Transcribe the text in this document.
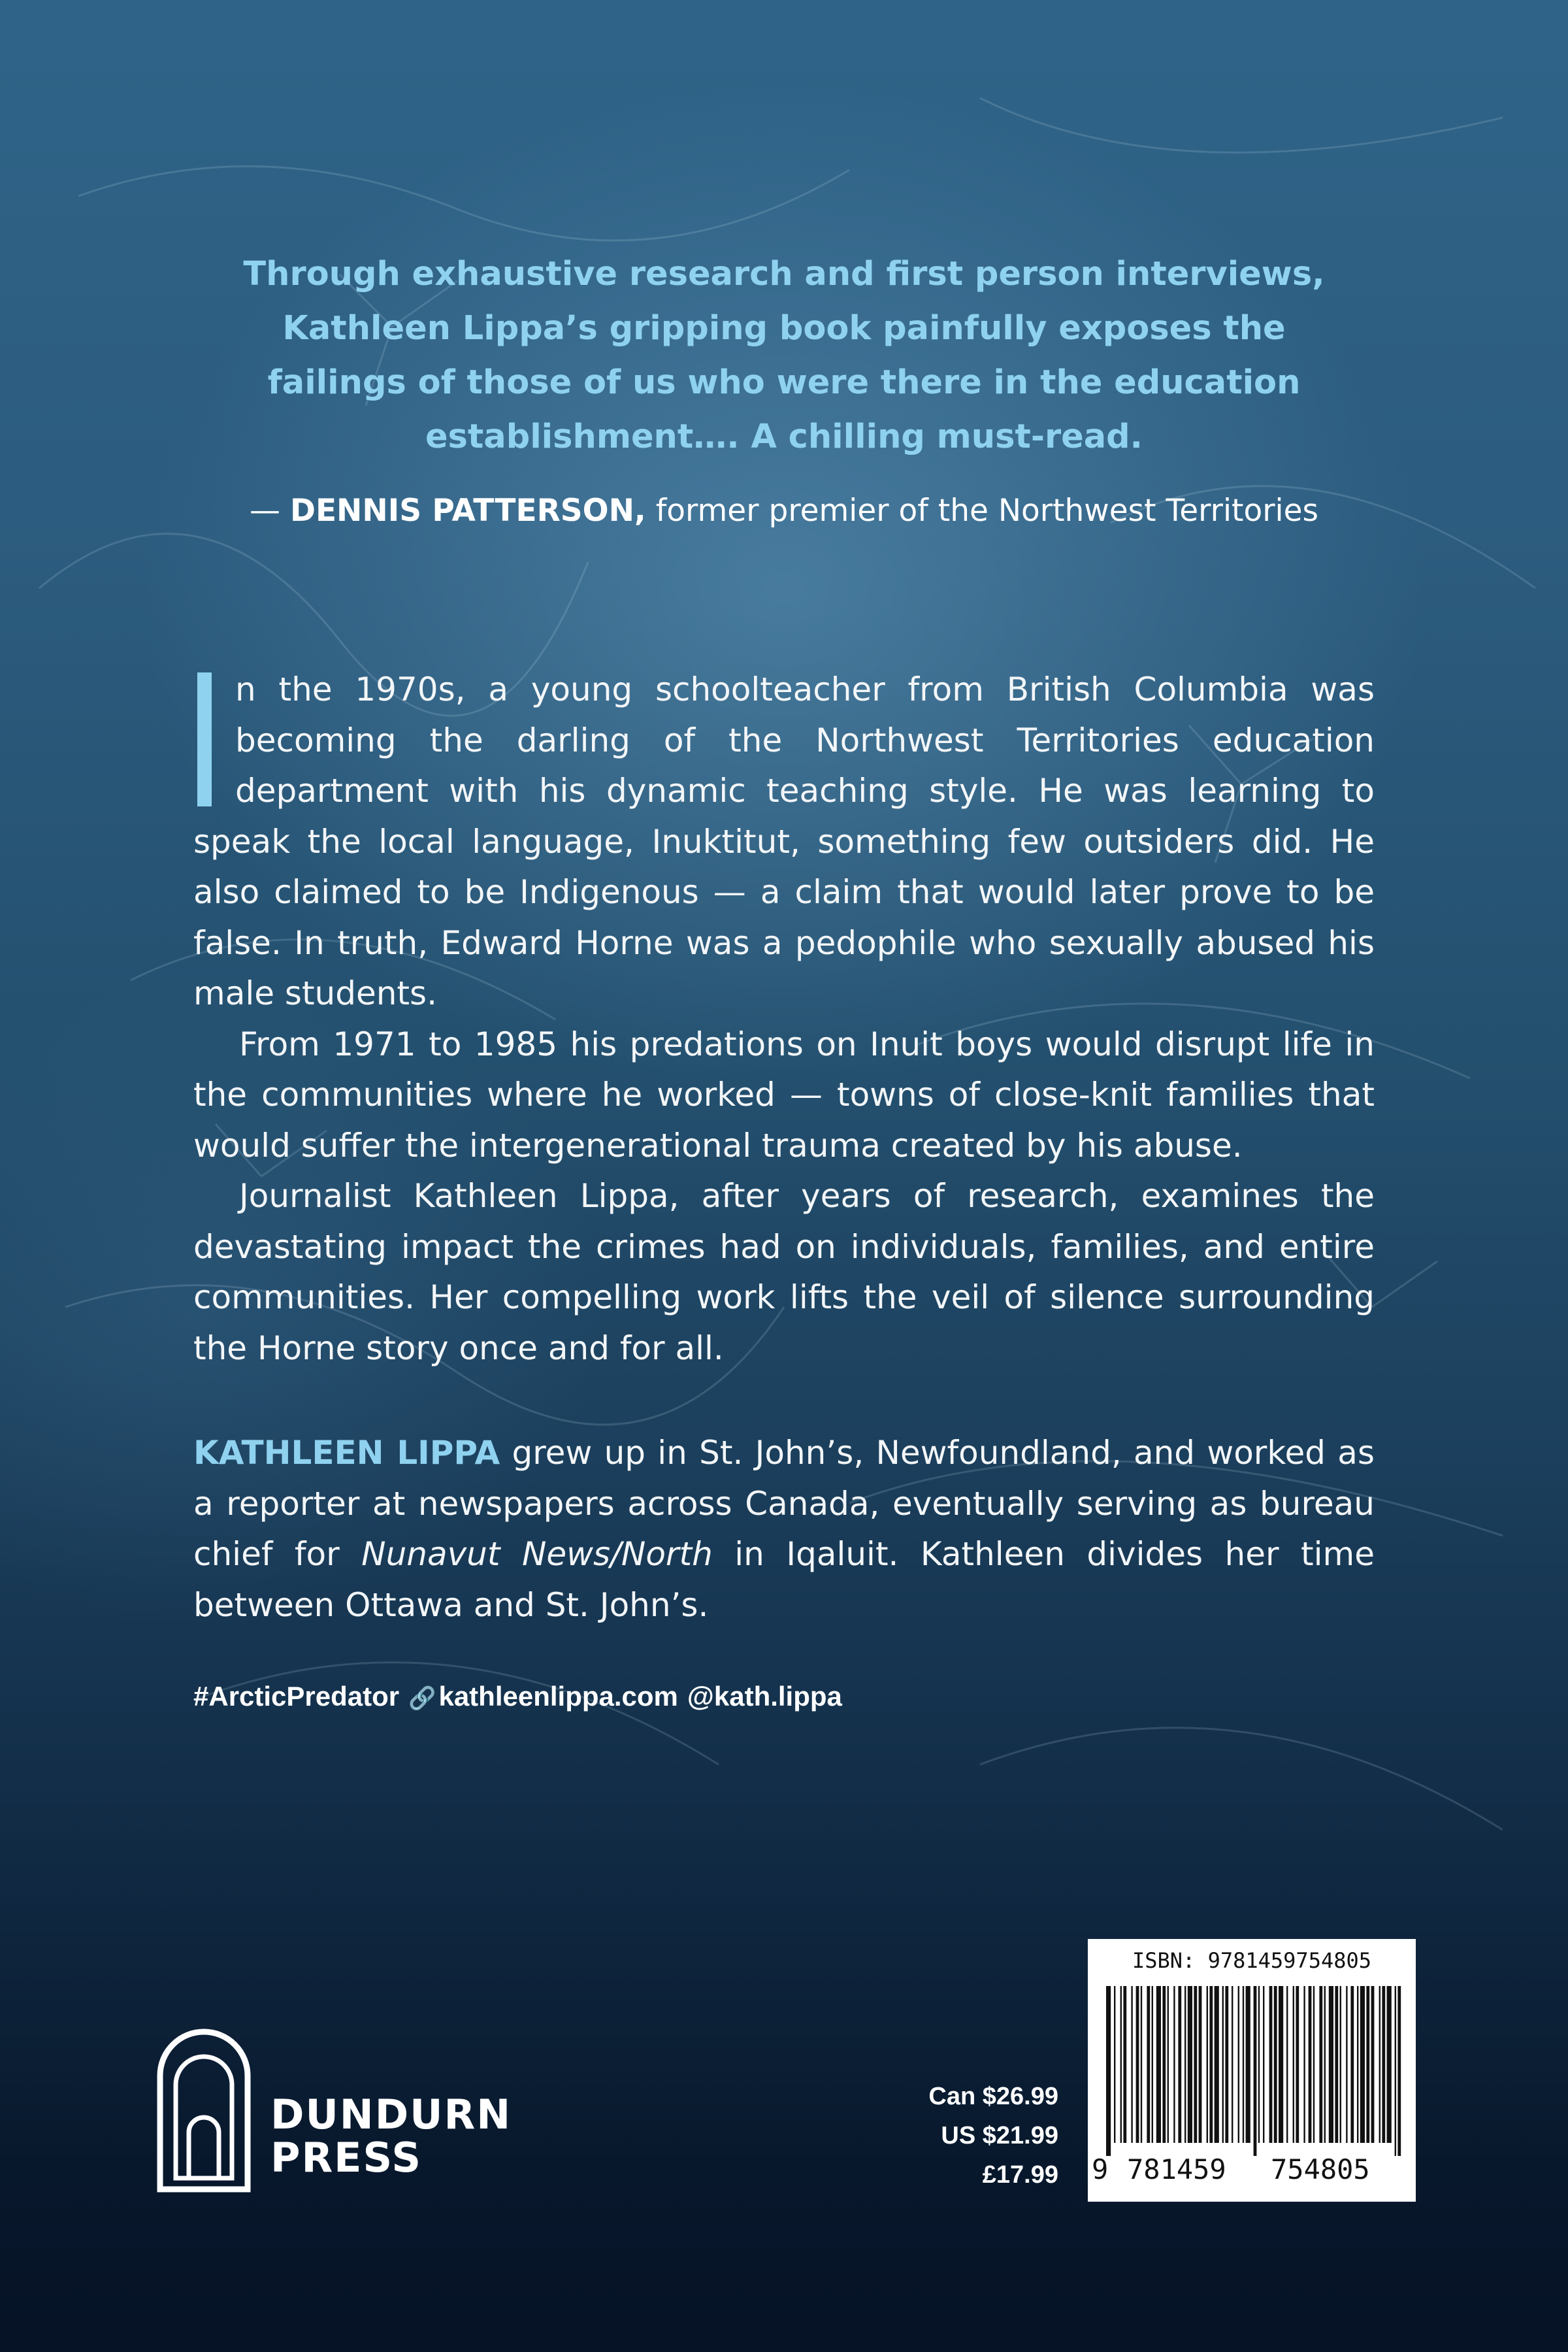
Through exhaustive research and first person interviews,
Kathleen Lippa’s gripping book painfully exposes the
failings of those of us who were there in the education
establishment…. A chilling must-read.
— DENNIS PATTERSON, former premier of the Northwest Territories

n the 1970s, a young schoolteacher from British Columbia was becoming the darling of the Northwest Territories education department with his dynamic teaching style. He was learning to speak the local language, Inuktitut, something few outsiders did. He also claimed to be Indigenous — a claim that would later prove to be false. In truth, Edward Horne was a pedophile who sexually abused his male students.

From 1971 to 1985 his predations on Inuit boys would disrupt life in the communities where he worked — towns of close-knit families that would suffer the intergenerational trauma created by his abuse.

Journalist Kathleen Lippa, after years of research, examines the devastating impact the crimes had on individuals, families, and entire communities. Her compelling work lifts the veil of silence surrounding the Horne story once and for all.

KATHLEEN LIPPA grew up in St. John’s, Newfoundland, and worked as a reporter at newspapers across Canada, eventually serving as bureau chief for Nunavut News/North in Iqaluit. Kathleen divides her time between Ottawa and St. John’s.
#ArcticPredator 🔗kathleenlippa.com @kath.lippa
DUNDURN
PRESS
Can $26.99
US $21.99
£17.99
ISBN: 9781459754805
9 781459 754805
